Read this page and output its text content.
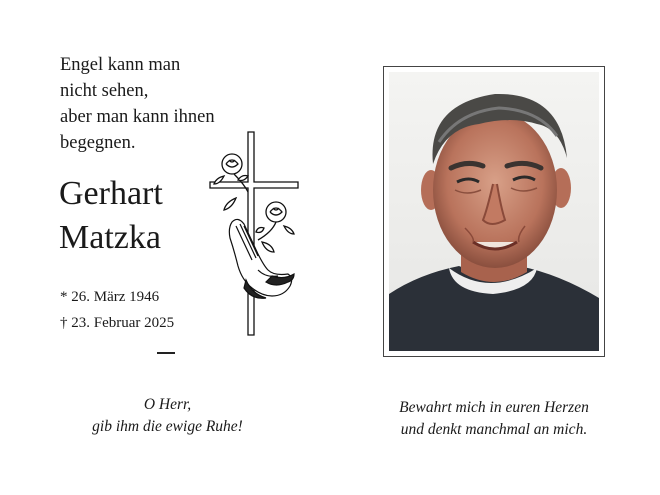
Engel kann man
nicht sehen,
aber man kann ihnen
begegnen.
Gerhart
Matzka
* 26. März 1946
† 23. Februar 2025
O Herr,
gib ihm die ewige Ruhe!
Bewahrt mich in euren Herzen
und denkt manchmal an mich.
